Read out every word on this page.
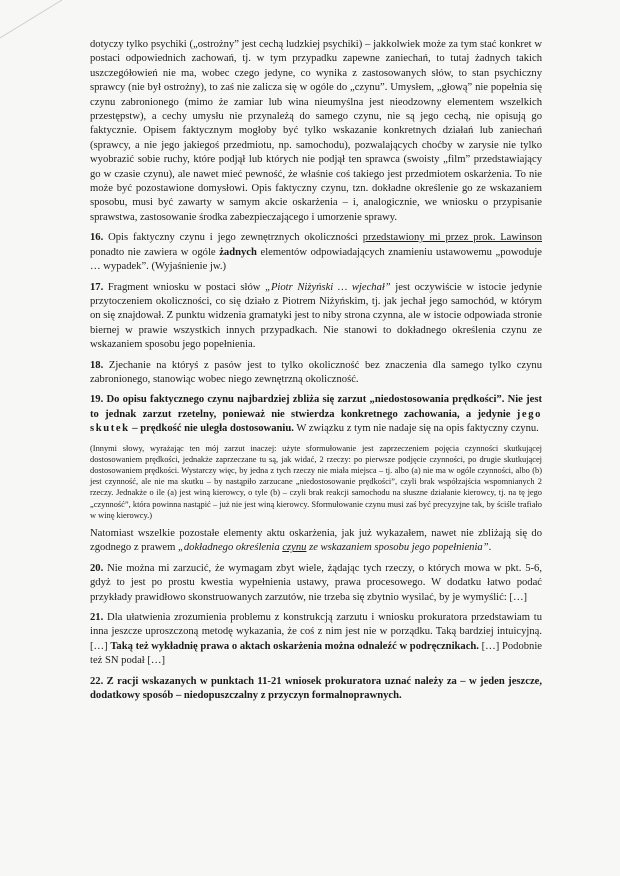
dotyczy tylko psychiki („ostrożny” jest cechą ludzkiej psychiki) – jakkolwiek może za tym stać konkret w postaci odpowiednich zachowań, tj. w tym przypadku zapewne zaniechań, to tutaj żadnych takich uszczegółowień nie ma, wobec czego jedyne, co wynika z zastosowanych słów, to stan psychiczny sprawcy (nie był ostrożny), to zaś nie zalicza się w ogóle do „czynu”. Umysłem, „głową” nie popełnia się czynu zabronionego (mimo że zamiar lub wina nieumyślna jest nieodzowny elementem wszelkich przestępstw), a cechy umysłu nie przynależą do samego czynu, nie są jego cechą, nie opisują go faktycznie. Opisem faktycznym mogłoby być tylko wskazanie konkretnych działań lub zaniechań (sprawcy, a nie jego jakiegoś przedmiotu, np. samochodu), pozwalających choćby w zarysie nie tylko wyobrazić sobie ruchy, które podjął lub których nie podjął ten sprawca (swoisty „film” przedstawiający go w czasie czynu), ale nawet mieć pewność, że właśnie coś takiego jest przedmiotem oskarżenia. To nie może być pozostawione domysłowi. Opis faktyczny czynu, tzn. dokładne określenie go ze wskazaniem sposobu, musi być zawarty w samym akcie oskarżenia – i, analogicznie, we wniosku o przypisanie sprawstwa, zastosowanie środka zabezpieczającego i umorzenie sprawy.

16. Opis faktyczny czynu i jego zewnętrznych okoliczności przedstawiony mi przez prok. Lawinson ponadto nie zawiera w ogóle żadnych elementów odpowiadających znamieniu ustawowemu „powoduje … wypadek”. (Wyjaśnienie jw.)

17. Fragment wniosku w postaci słów „Piotr Niżyński … wjechał” jest oczywiście w istocie jedynie przytoczeniem okoliczności, co się działo z Piotrem Niżyńskim, tj. jak jechał jego samochód, w którym on się znajdował. Z punktu widzenia gramatyki jest to niby strona czynna, ale w istocie odpowiada stronie biernej w prawie wszystkich innych przypadkach. Nie stanowi to dokładnego określenia czynu ze wskazaniem sposobu jego popełnienia.

18. Zjechanie na któryś z pasów jest to tylko okoliczność bez znaczenia dla samego tylko czynu zabronionego, stanowiąc wobec niego zewnętrzną okoliczność.

19. Do opisu faktycznego czynu najbardziej zbliża się zarzut „niedostosowania prędkości”. Nie jest to jednak zarzut rzetelny, ponieważ nie stwierdza konkretnego zachowania, a jedynie jego skutek – prędkość nie uległa dostosowaniu. W związku z tym nie nadaje się na opis faktyczny czynu.

(Innymi słowy, wyrażając ten mój zarzut inaczej: użyte sformułowanie jest zaprzeczeniem pojęcia czynności skutkującej dostosowaniem prędkości, jednakże zaprzeczane tu są, jak widać, 2 rzeczy: po pierwsze podjęcie czynności, po drugie skutkującej dostosowaniem prędkości. Wystarczy więc, by jedna z tych rzeczy nie miała miejsca – tj. albo (a) nie ma w ogóle czynności, albo (b) jest czynność, ale nie ma skutku – by nastąpiło zarzucane „niedostosowanie prędkości”, czyli brak współzajścia wspomnianych 2 rzeczy. Jednakże o ile (a) jest winą kierowcy, o tyle (b) – czyli brak reakcji samochodu na słuszne działanie kierowcy, tj. na tę jego „czynność”, która powinna nastąpić – już nie jest winą kierowcy. Sformułowanie czynu musi zaś być precyzyjne tak, by ściśle trafiało w winę kierowcy.)

Natomiast wszelkie pozostałe elementy aktu oskarżenia, jak już wykazałem, nawet nie zbliżają się do zgodnego z prawem „dokładnego określenia czynu ze wskazaniem sposobu jego popełnienia”.

20. Nie można mi zarzucić, że wymagam zbyt wiele, żądając tych rzeczy, o których mowa w pkt. 5-6, gdyż to jest po prostu kwestia wypełnienia ustawy, prawa procesowego. W dodatku łatwo podać przykłady prawidłowo skonstruowanych zarzutów, nie trzeba się zbytnio wysilać, by je wymyślić: […]

21. Dla ułatwienia zrozumienia problemu z konstrukcją zarzutu i wniosku prokuratora przedstawiam tu inna jeszcze uproszczoną metodę wykazania, że coś z nim jest nie w porządku. Taką bardziej intuicyjną. […] Taką też wykładnię prawa o aktach oskarżenia można odnaleźć w podręcznikach. […] Podobnie też SN podał […]

22. Z racji wskazanych w punktach 11-21 wniosek prokuratora uznać należy za – w jeden jeszcze, dodatkowy sposób – niedopuszczalny z przyczyn formalnoprawnych.
